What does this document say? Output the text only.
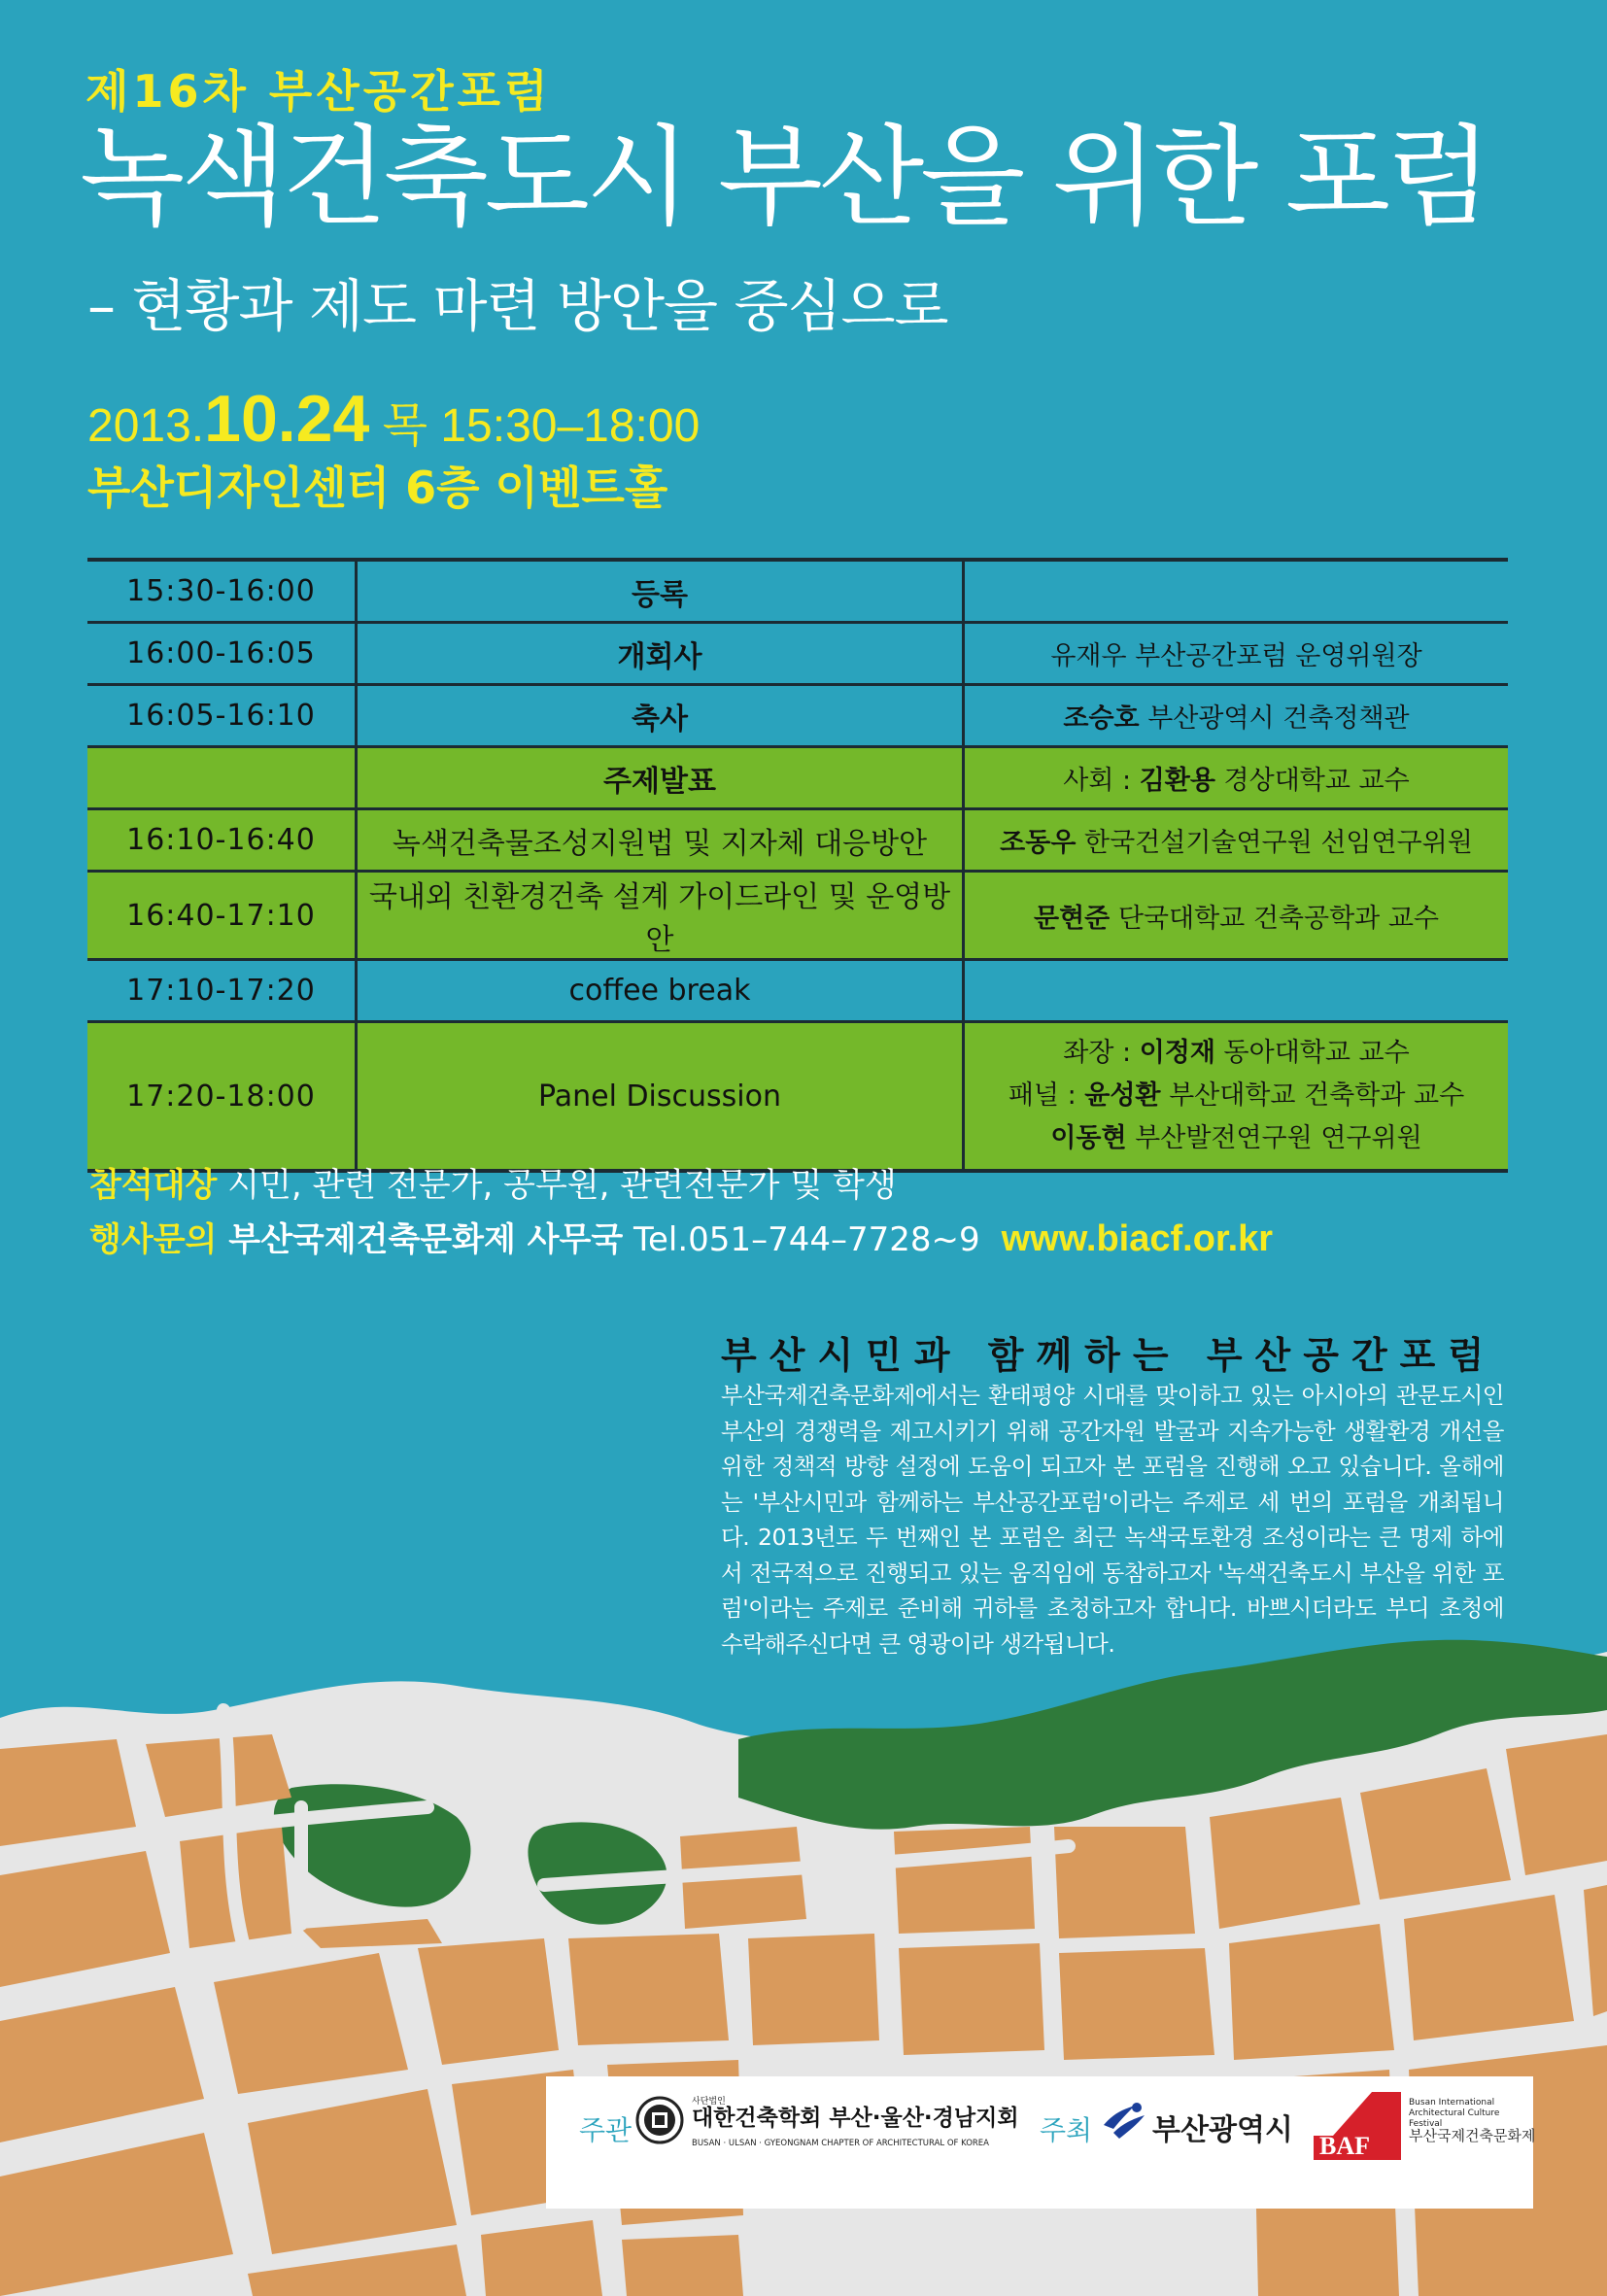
제16차 부산공간포럼
녹색건축도시 부산을 위한 포럼
– 현황과 제도 마련 방안을 중심으로
2013.10.24 목 15:30–18:00
부산디자인센터 6층 이벤트홀
15:30-16:00	등록	
16:00-16:05	개회사	유재우 부산공간포럼 운영위원장
16:05-16:10	축사	조승호 부산광역시 건축정책관
	주제발표	사회 : 김환용 경상대학교 교수
16:10-16:40	녹색건축물조성지원법 및 지자체 대응방안	조동우 한국건설기술연구원 선임연구위원
16:40-17:10	국내외 친환경건축 설계 가이드라인 및 운영방안	문현준 단국대학교 건축공학과 교수
17:10-17:20	coffee break	
17:20-18:00	Panel Discussion	좌장 : 이정재 동아대학교 교수
패널 : 윤성환 부산대학교 건축학과 교수
이동현 부산발전연구원 연구위원
참석대상 시민, 관련 전문가, 공무원, 관련전문가 및 학생
행사문의 부산국제건축문화제 사무국 Tel.051–744–7728~9 www.biacf.or.kr
부산시민과 함께하는 부산공간포럼
부산국제건축문화제에서는 환태평양 시대를 맞이하고 있는 아시아의 관문도시인 부산의 경쟁력을 제고시키기 위해 공간자원 발굴과 지속가능한 생활환경 개선을 위한 정책적 방향 설정에 도움이 되고자 본 포럼을 진행해 오고 있습니다. 올해에는 '부산시민과 함께하는 부산공간포럼'이라는 주제로 세 번의 포럼을 개최됩니다. 2013년도 두 번째인 본 포럼은 최근 녹색국토환경 조성이라는 큰 명제 하에서 전국적으로 진행되고 있는 움직임에 동참하고자 '녹색건축도시 부산을 위한 포럼'이라는 주제로 준비해 귀하를 초청하고자 합니다. 바쁘시더라도 부디 초청에 수락해주신다면 큰 영광이라 생각됩니다.
주관
사단법인
대한건축학회 부산·울산·경남지회
BUSAN · ULSAN · GYEONGNAM CHAPTER OF ARCHITECTURAL OF KOREA 주최 부산광역시 BAF
Busan International Architectural Culture Festival
부산국제건축문화제
